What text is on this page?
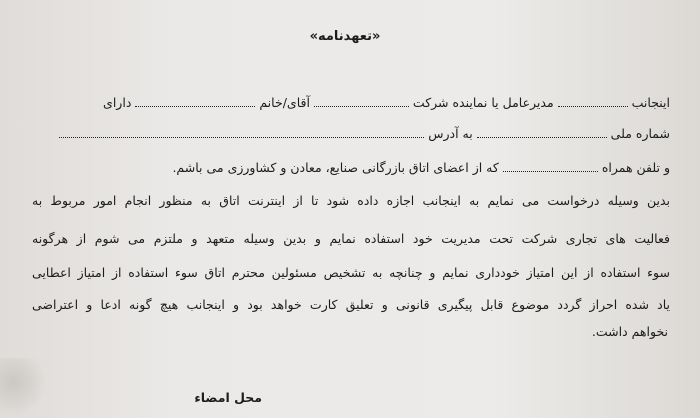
«تعهدنامه»
اینجانب  مدیرعامل یا نماینده شرکت  آقای/خانم  دارای
شماره ملی  به آدرس
و تلفن همراه  که از اعضای اتاق بازرگانی صنایع، معادن و کشاورزی می باشم.
بدین وسیله درخواست می نمایم به اینجانب اجازه داده شود تا از اینترنت اتاق به منظور انجام امور مربوط به
فعالیت های تجاری شرکت تحت مدیریت خود استفاده نمایم و بدین وسیله متعهد و ملتزم می شوم از هرگونه
سوء استفاده از این امتیاز خودداری نمایم و چنانچه به تشخیص مسئولین محترم اتاق سوء استفاده از امتیاز اعطایی
یاد شده احراز گردد موضوع قابل پیگیری قانونی و تعلیق کارت خواهد بود و اینجانب هیچ گونه ادعا و اعتراضی
نخواهم داشت.
محل امضاء
